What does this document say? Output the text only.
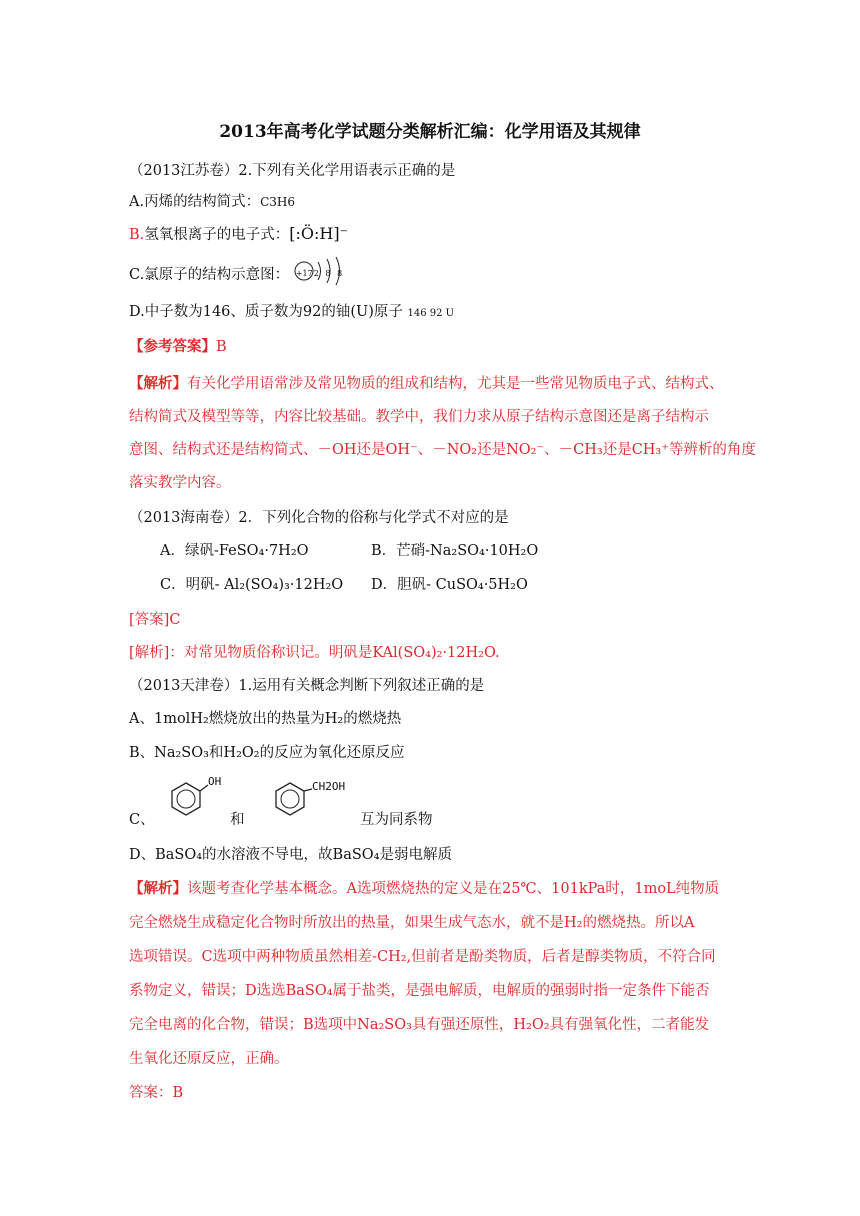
2013年高考化学试题分类解析汇编：化学用语及其规律
（2013江苏卷）2.下列有关化学用语表示正确的是
A.丙烯的结构简式：C3H6
B.氢氧根离子的电子式：[:Ö:H]⁻
C.氯原子的结构示意图： +17 2 8 8
D.中子数为146、质子数为92的铀(U)原子 146 92 U
【参考答案】B
【解析】有关化学用语常涉及常见物质的组成和结构，尤其是一些常见物质电子式、结构式、
结构简式及模型等等，内容比较基础。教学中，我们力求从原子结构示意图还是离子结构示
意图、结构式还是结构简式、－OH还是OH⁻、－NO₂还是NO₂⁻、－CH₃还是CH₃⁺等辨析的角度
落实教学内容。
（2013海南卷）2．下列化合物的俗称与化学式不对应的是
A．绿矾-FeSO₄·7H₂O	B．芒硝-Na₂SO₄·10H₂O
C．明矾- Al₂(SO₄)₃·12H₂O D．胆矾- CuSO₄·5H₂O
[答案]C
[解析]：对常见物质俗称识记。明矾是KAl(SO₄)₂·12H₂O.
（2013天津卷）1.运用有关概念判断下列叙述正确的是
A、1molH₂燃烧放出的热量为H₂的燃烧热
B、Na₂SO₃和H₂O₂的反应为氧化还原反应
OH	CH2OH
C、	和	互为同系物
D、BaSO₄的水溶液不导电，故BaSO₄是弱电解质
【解析】该题考查化学基本概念。A选项燃烧热的定义是在25℃、101kPa时，1moL纯物质
完全燃烧生成稳定化合物时所放出的热量，如果生成气态水，就不是H₂的燃烧热。所以A
选项错误。C选项中两种物质虽然相差-CH₂,但前者是酚类物质，后者是醇类物质，不符合同
系物定义，错误；D选选BaSO₄属于盐类，是强电解质，电解质的强弱时指一定条件下能否
完全电离的化合物，错误；B选项中Na₂SO₃具有强还原性，H₂O₂具有强氧化性，二者能发
生氧化还原反应，正确。
答案：B
